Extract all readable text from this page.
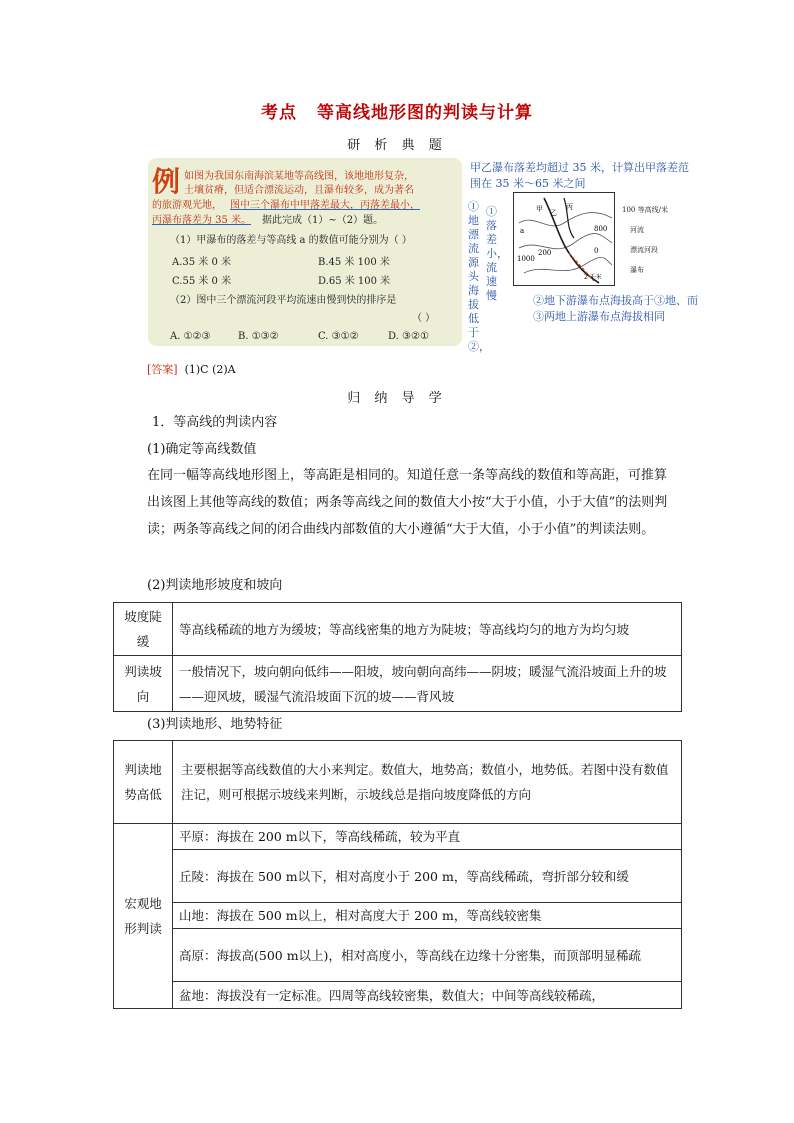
考点 等高线地形图的判读与计算
研 析 典 题
例 如图为我国东南海滨某地等高线图，该地地形复杂，
土壤贫瘠，但适合漂流运动，且瀑布较多，成为著名
的旅游观光地， 图中三个瀑布中甲落差最大，丙落差最小，
丙瀑布落差为 35 米。 据此完成（1）~（2）题。
（1）甲瀑布的落差与等高线 a 的数值可能分别为（ ）
A.35 米 0 米	B.45 米 100 米
C.55 米 0 米	D.65 米 100 米
（2）图中三个漂流河段平均流速由慢到快的排序是
（ ）
A. ①②③	B. ①③②	C. ③①②	D. ③②①
甲乙瀑布落差均超过 35 米，计算出甲落差范
围在 35 米～65 米之间
①地漂流源头海拔低于②，
①落差小，流速慢	②地下游瀑布点海拔高于③地、而
③两地上游瀑布点海拔相同
甲 乙
丙
a
1000
200
800
0
2 千米
100 等高线/米
河流
漂流河段
瀑布
[答案] (1)C (2)A
归 纳 导 学
1．等高线的判读内容
(1)确定等高线数值
在同一幅等高线地形图上，等高距是相同的。知道任意一条等高线的数值和等高距，可推算出该图上其他等高线的数值；两条等高线之间的数值大小按“大于小值，小于大值”的法则判读；两条等高线之间的闭合曲线内部数值的大小遵循“大于大值，小于小值”的判读法则。
(2)判读地形坡度和坡向
坡度陡缓	等高线稀疏的地方为缓坡；等高线密集的地方为陡坡；等高线均匀的地方为均匀坡
判读坡向	一般情况下，坡向朝向低纬——阳坡，坡向朝向高纬——阴坡；暖湿气流沿坡面上升的坡——迎风坡，暖湿气流沿坡面下沉的坡——背风坡
(3)判读地形、地势特征
判读地势高低	主要根据等高线数值的大小来判定。数值大，地势高；数值小，地势低。若图中没有数值注记，则可根据示坡线来判断，示坡线总是指向坡度降低的方向
宏观地形判读	平原：海拔在 200 m以下，等高线稀疏，较为平直
	丘陵：海拔在 500 m以下，相对高度小于 200 m，等高线稀疏，弯折部分较和缓
	山地：海拔在 500 m以上，相对高度大于 200 m，等高线较密集
	高原：海拔高(500 m以上)，相对高度小，等高线在边缘十分密集，而顶部明显稀疏
	盆地：海拔没有一定标准。四周等高线较密集，数值大；中间等高线较稀疏，
